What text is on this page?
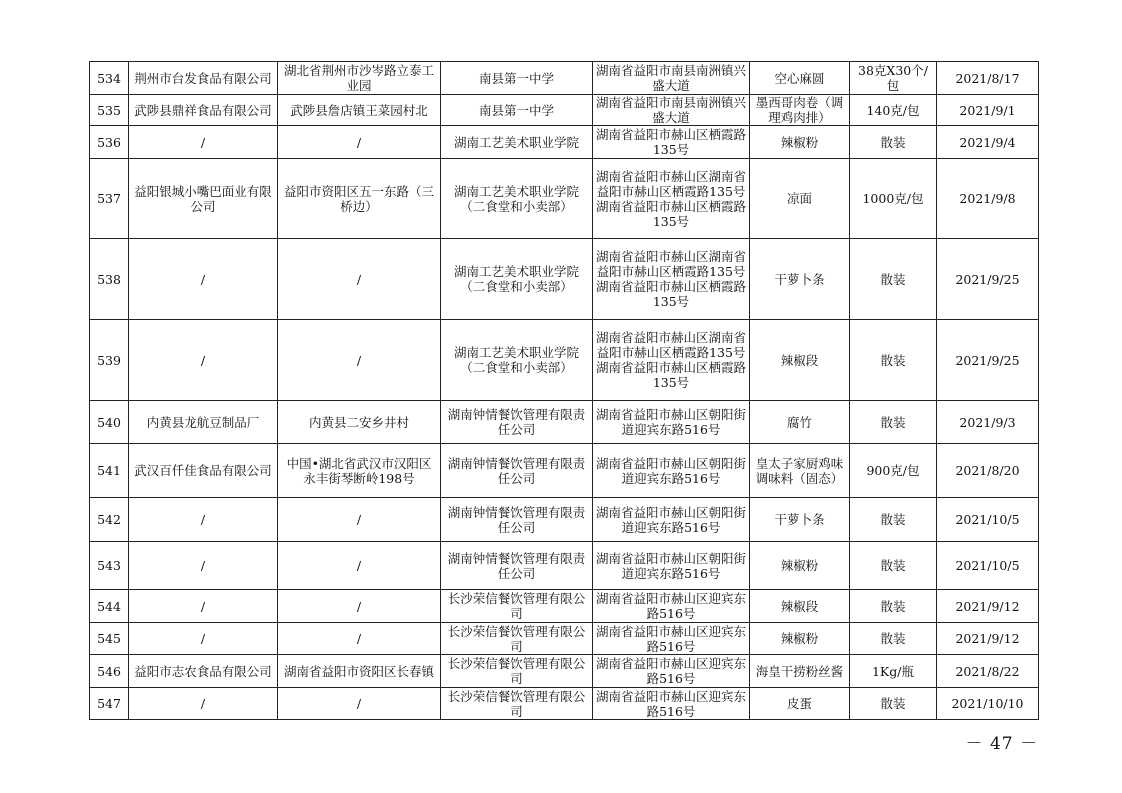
534	荆州市台发食品有限公司	湖北省荆州市沙岑路立泰工业园	南县第一中学	湖南省益阳市南县南洲镇兴盛大道	空心麻圆	38克X30个/包	2021/8/17
535	武陟县鼎祥食品有限公司	武陟县詹店镇王菜园村北	南县第一中学	湖南省益阳市南县南洲镇兴盛大道	墨西哥肉卷（调理鸡肉排）	140克/包	2021/9/1
536	/	/	湖南工艺美术职业学院	湖南省益阳市赫山区栖霞路135号	辣椒粉	散装	2021/9/4
537	益阳银城小嘴巴面业有限公司	益阳市资阳区五一东路（三桥边）	湖南工艺美术职业学院（二食堂和小卖部）	湖南省益阳市赫山区湖南省益阳市赫山区栖霞路135号湖南省益阳市赫山区栖霞路135号	凉面	1000克/包	2021/9/8
538	/	/	湖南工艺美术职业学院（二食堂和小卖部）	湖南省益阳市赫山区湖南省益阳市赫山区栖霞路135号湖南省益阳市赫山区栖霞路135号	干萝卜条	散装	2021/9/25
539	/	/	湖南工艺美术职业学院（二食堂和小卖部）	湖南省益阳市赫山区湖南省益阳市赫山区栖霞路135号湖南省益阳市赫山区栖霞路135号	辣椒段	散装	2021/9/25
540	内黄县龙航豆制品厂	内黄县二安乡井村	湖南钟情餐饮管理有限责任公司	湖南省益阳市赫山区朝阳街道迎宾东路516号	腐竹	散装	2021/9/3
541	武汉百仟佳食品有限公司	中国•湖北省武汉市汉阳区永丰街琴断岭198号	湖南钟情餐饮管理有限责任公司	湖南省益阳市赫山区朝阳街道迎宾东路516号	皇太子家厨鸡味调味料（固态）	900克/包	2021/8/20
542	/	/	湖南钟情餐饮管理有限责任公司	湖南省益阳市赫山区朝阳街道迎宾东路516号	干萝卜条	散装	2021/10/5
543	/	/	湖南钟情餐饮管理有限责任公司	湖南省益阳市赫山区朝阳街道迎宾东路516号	辣椒粉	散装	2021/10/5
544	/	/	长沙荣信餐饮管理有限公司	湖南省益阳市赫山区迎宾东路516号	辣椒段	散装	2021/9/12
545	/	/	长沙荣信餐饮管理有限公司	湖南省益阳市赫山区迎宾东路516号	辣椒粉	散装	2021/9/12
546	益阳市志农食品有限公司	湖南省益阳市资阳区长春镇	长沙荣信餐饮管理有限公司	湖南省益阳市赫山区迎宾东路516号	海皇干捞粉丝酱	1Kg/瓶	2021/8/22
547	/	/	长沙荣信餐饮管理有限公司	湖南省益阳市赫山区迎宾东路516号	皮蛋	散装	2021/10/10
－ 47 －
